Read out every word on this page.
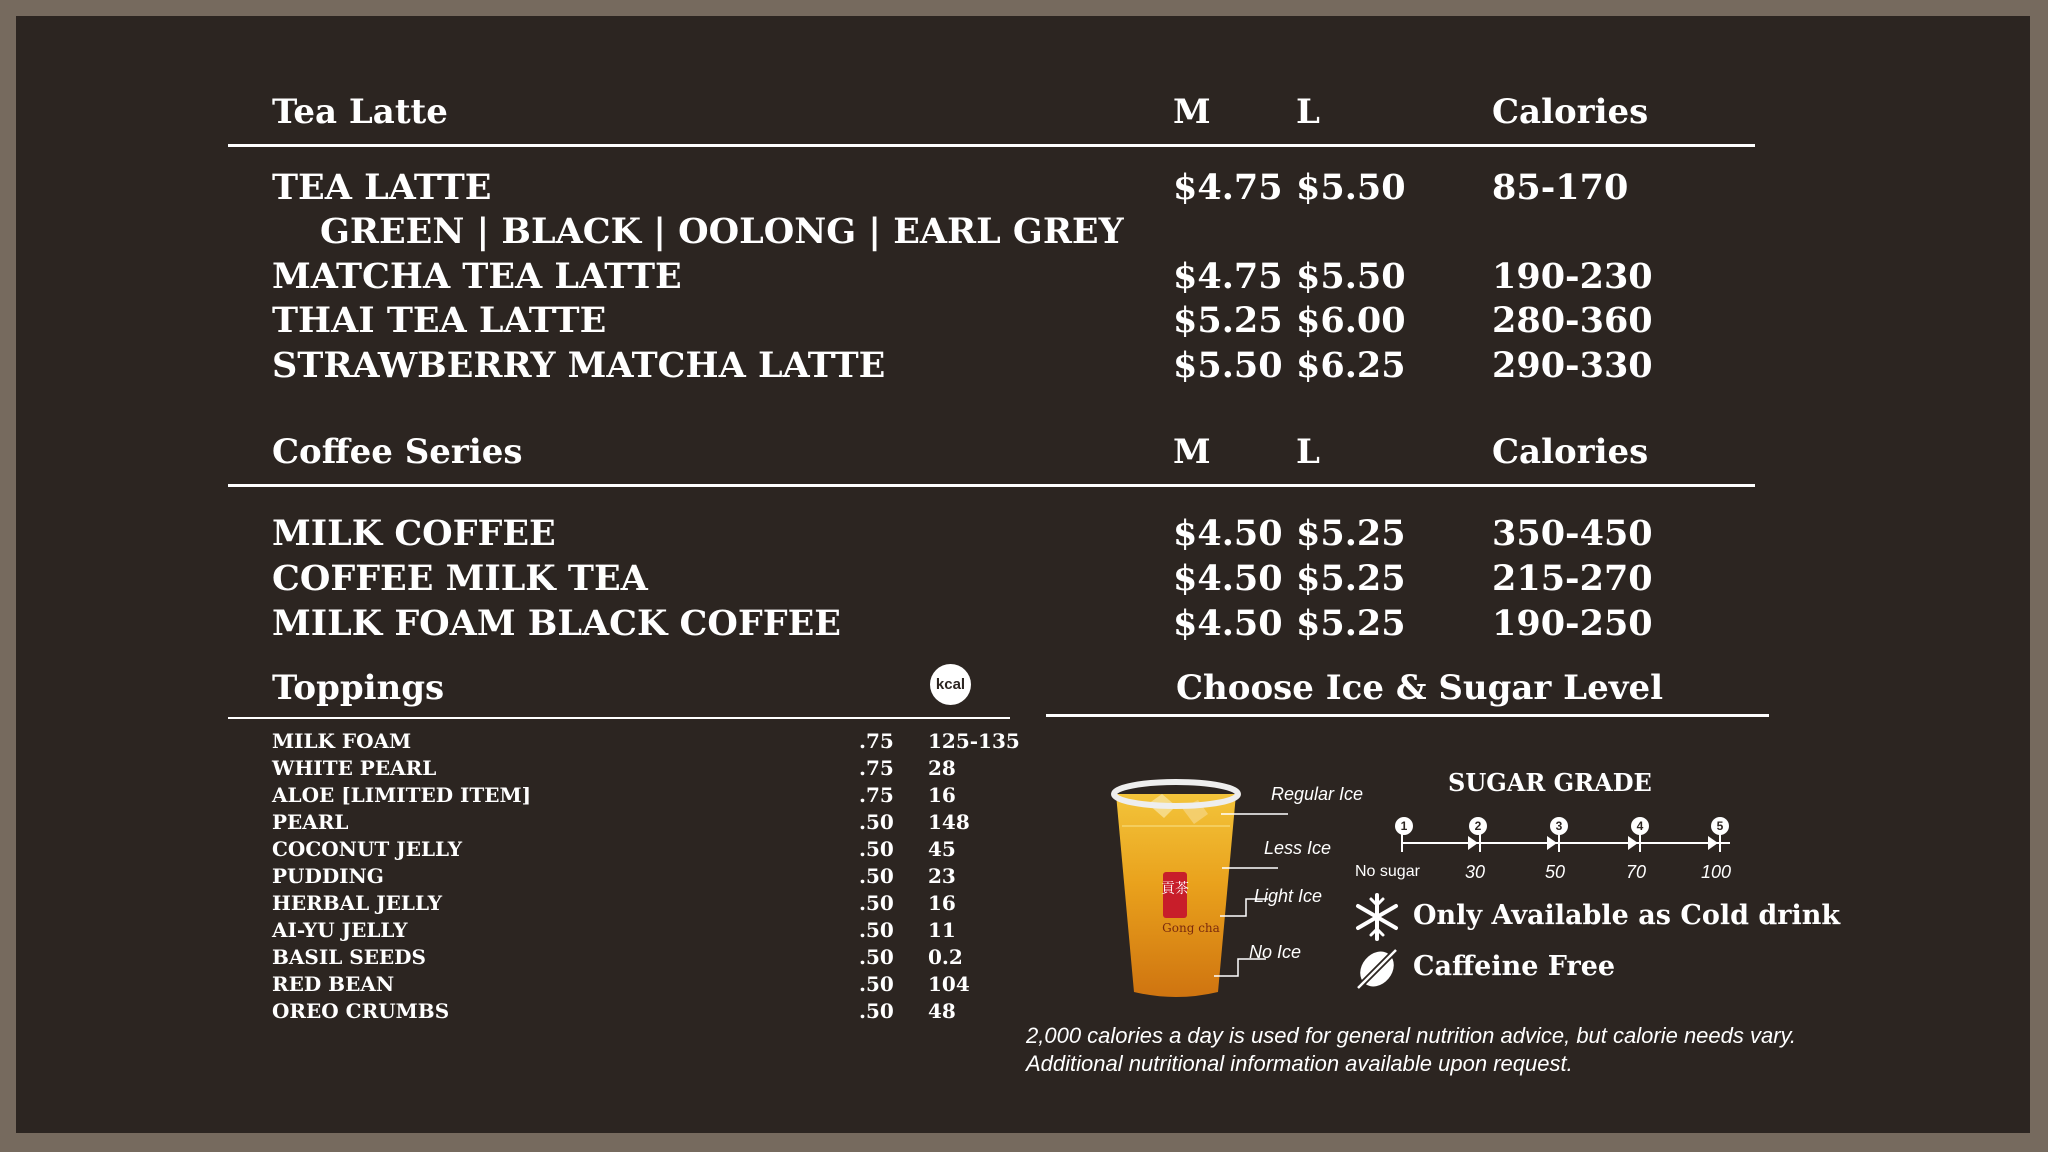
Tea Latte	M	L	Calories
TEA LATTE	$4.75 $5.50 85-170
GREEN | BLACK | OOLONG | EARL GREY
MATCHA TEA LATTE	$4.75 $5.50 190-230
THAI TEA LATTE	$5.25 $6.00 280-360
STRAWBERRY MATCHA LATTE	$5.50 $6.25 290-330
Coffee Series	M	L	Calories
MILK COFFEE	$4.50 $5.25 350-450
COFFEE MILK TEA	$4.50 $5.25 215-270
MILK FOAM BLACK COFFEE	$4.50 $5.25 190-250
Toppings	kcal
MILK FOAM	.75 125-135
WHITE PEARL	.75 28
ALOE [LIMITED ITEM]	.75 16
PEARL	.50 148
COCONUT JELLY	.50 45
PUDDING	.50 23
HERBAL JELLY	.50 16
AI-YU JELLY	.50 11
BASIL SEEDS	.50 0.2
RED BEAN	.50 104
OREO CRUMBS	.50 48
Choose Ice & Sugar Level
貢茶
Gong cha
Regular Ice
Less Ice
Light Ice
No Ice
SUGAR GRADE
1	2	3	4	5
No sugar	30	50	70	100
Only Available as Cold drink
Caffeine Free
2,000 calories a day is used for general nutrition advice, but calorie needs vary.
Additional nutritional information available upon request.
